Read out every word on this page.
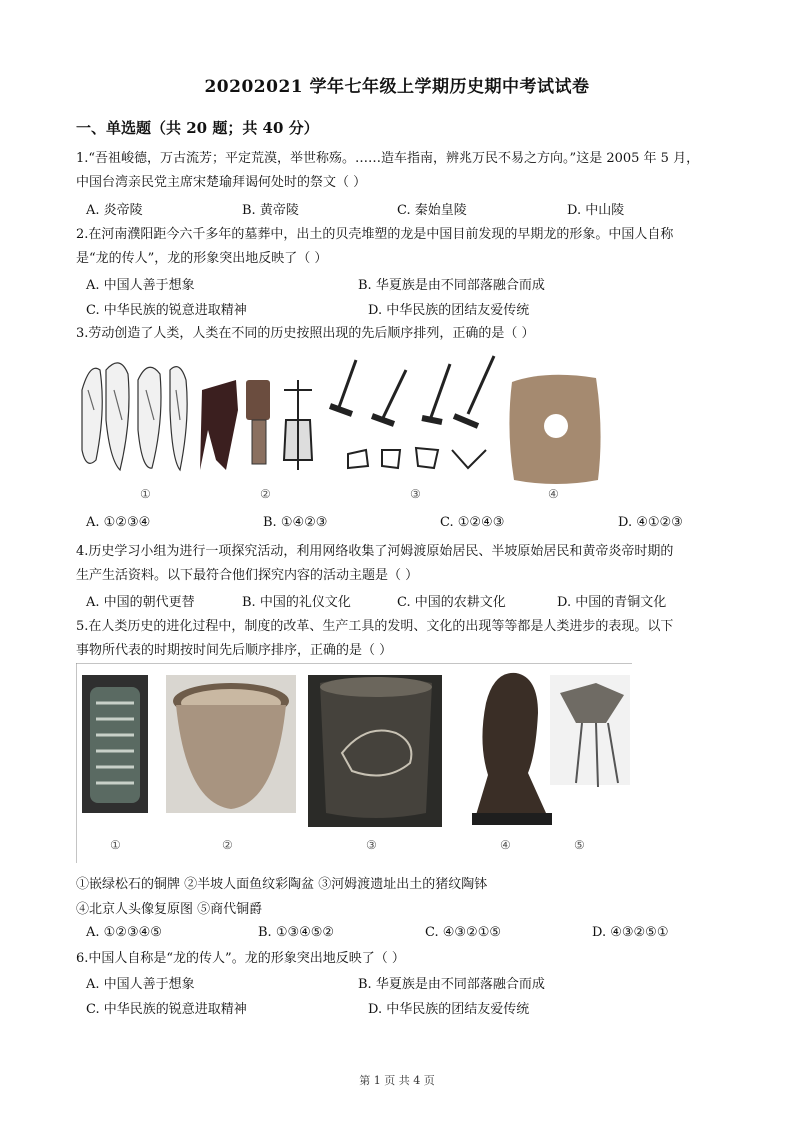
20202021 学年七年级上学期历史期中考试试卷
一、单选题（共 20 题；共 40 分）
1.“吾祖峻德，万古流芳；平定荒漠，举世称殇。……造车指南，辨兆万民不易之方向。”这是 2005 年 5 月，
中国台湾亲民党主席宋楚瑜拜谒何处时的祭文（ ）
A. 炎帝陵	B. 黄帝陵	C. 秦始皇陵	D. 中山陵
2.在河南濮阳距今六千多年的墓葬中，出土的贝壳堆塑的龙是中国目前发现的早期龙的形象。中国人自称
是“龙的传人”，龙的形象突出地反映了（ ）
A. 中国人善于想象	B. 华夏族是由不同部落融合而成
C. 中华民族的锐意进取精神	D. 中华民族的团结友爱传统
3.劳动创造了人类，人类在不同的历史按照出现的先后顺序排列，正确的是（ ）
①	②	③	④
A. ①②③④	B. ①④②③	C. ①②④③	D. ④①②③
4.历史学习小组为进行一项探究活动，利用网络收集了河姆渡原始居民、半坡原始居民和黄帝炎帝时期的
生产生活资料。以下最符合他们探究内容的活动主题是（ ）
A. 中国的朝代更替	B. 中国的礼仪文化	C. 中国的农耕文化	D. 中国的青铜文化
5.在人类历史的进化过程中，制度的改革、生产工具的发明、文化的出现等等都是人类进步的表现。以下
事物所代表的时期按时间先后顺序排序，正确的是（ ）
①	②	③	④	⑤
①嵌绿松石的铜牌 ②半坡人面鱼纹彩陶盆 ③河姆渡遗址出土的猪纹陶钵
④北京人头像复原图 ⑤商代铜爵
A. ①②③④⑤	B. ①③④⑤②	C. ④③②①⑤	D. ④③②⑤①
6.中国人自称是“龙的传人”。龙的形象突出地反映了（ ）
A. 中国人善于想象	B. 华夏族是由不同部落融合而成
C. 中华民族的锐意进取精神	D. 中华民族的团结友爱传统
第 1 页 共 4 页
